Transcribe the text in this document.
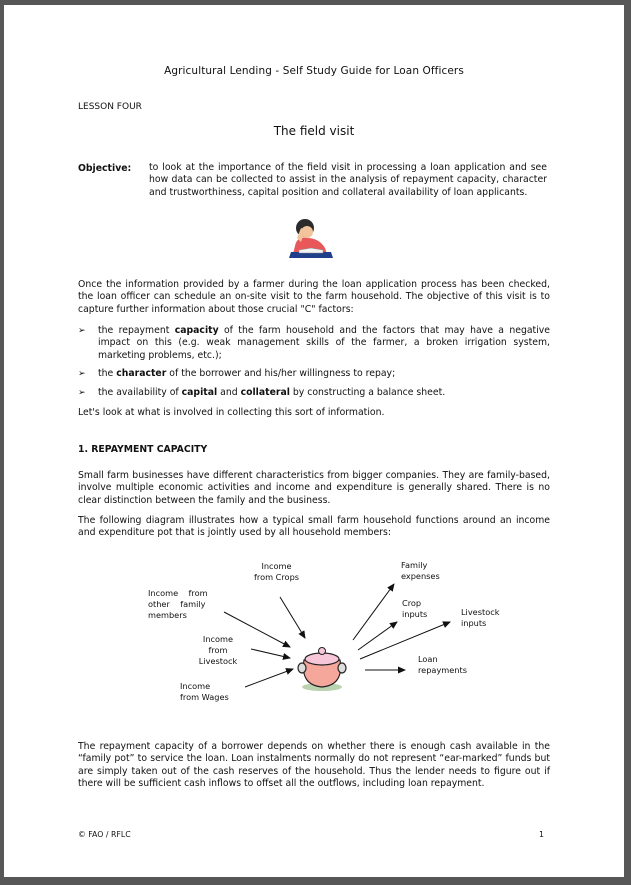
Agricultural Lending - Self Study Guide for Loan Officers
LESSON FOUR
The field visit
Objective: to look at the importance of the field visit in processing a loan application and see how data can be collected to assist in the analysis of repayment capacity, character and trustworthiness, capital position and collateral availability of loan applicants.
Once the information provided by a farmer during the loan application process has been checked, the loan officer can schedule an on-site visit to the farm household. The objective of this visit is to capture further information about those crucial "C" factors:
➢ the repayment capacity of the farm household and the factors that may have a negative impact on this (e.g. weak management skills of the farmer, a broken irrigation system, marketing problems, etc.);
➢ the character of the borrower and his/her willingness to repay;
➢ the availability of capital and collateral by constructing a balance sheet.
Let's look at what is involved in collecting this sort of information.
1. REPAYMENT CAPACITY
Small farm businesses have different characteristics from bigger companies. They are family-based, involve multiple economic activities and income and expenditure is generally shared. There is no clear distinction between the family and the business.
The following diagram illustrates how a typical small farm household functions around an income and expenditure pot that is jointly used by all household members:
Income
from Crops
Income    from
other    family
members
Income
from
Livestock
Income
from Wages
Family
expenses
Crop
inputs	Livestock
inputs
Loan
repayments
The repayment capacity of a borrower depends on whether there is enough cash available in the “family pot” to service the loan. Loan instalments normally do not represent “ear-marked” funds but are simply taken out of the cash reserves of the household. Thus the lender needs to figure out if there will be sufficient cash inflows to offset all the outflows, including loan repayment.
© FAO / RFLC	1
